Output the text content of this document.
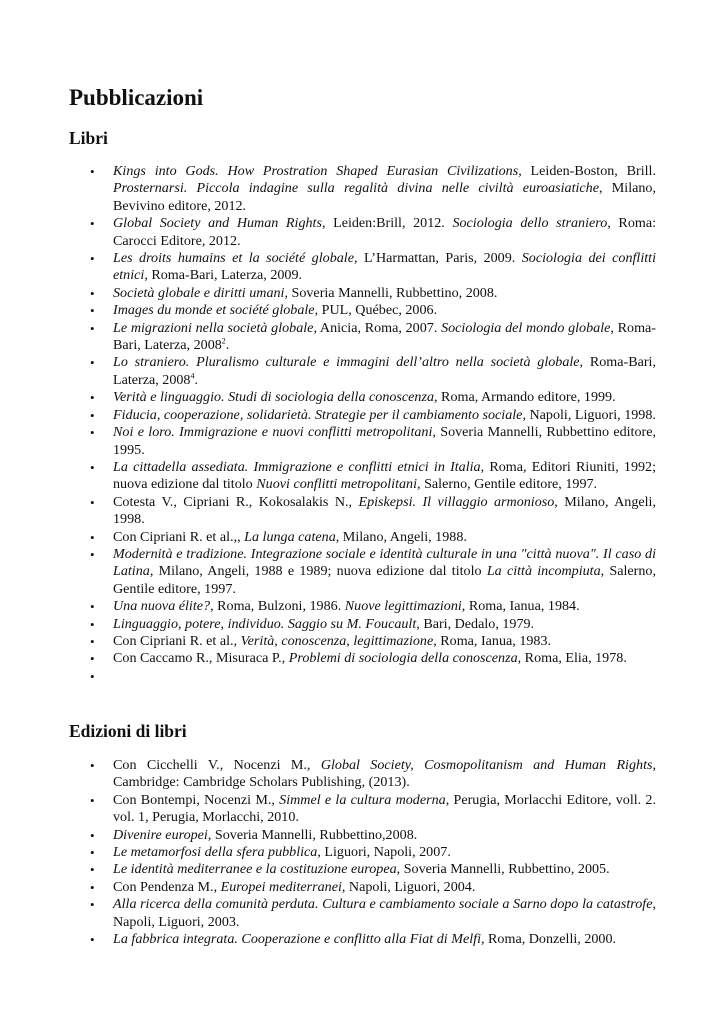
Pubblicazioni
Libri
• Kings into Gods. How Prostration Shaped Eurasian Civilizations, Leiden-Boston, Brill. Prosternarsi. Piccola indagine sulla regalità divina nelle civiltà euroasiatiche, Milano, Bevivino editore, 2012.
• Global Society and Human Rights, Leiden:Brill, 2012. Sociologia dello straniero, Roma: Carocci Editore, 2012.
• Les droits humains et la société globale, L’Harmattan, Paris, 2009. Sociologia dei conflitti etnici, Roma-Bari, Laterza, 2009.
• Società globale e diritti umani, Soveria Mannelli, Rubbettino, 2008.
• Images du monde et société globale, PUL, Québec, 2006.
• Le migrazioni nella società globale, Anicia, Roma, 2007. Sociologia del mondo globale, Roma-Bari, Laterza, 2008$^2$.
• Lo straniero. Pluralismo culturale e immagini dell’altro nella società globale, Roma-Bari, Laterza, 2008$^4$.
• Verità e linguaggio. Studi di sociologia della conoscenza, Roma, Armando editore, 1999.
• Fiducia, cooperazione, solidarietà. Strategie per il cambiamento sociale, Napoli, Liguori, 1998.
• Noi e loro. Immigrazione e nuovi conflitti metropolitani, Soveria Mannelli, Rubbettino editore, 1995.
• La cittadella assediata. Immigrazione e conflitti etnici in Italia, Roma, Editori Riuniti, 1992; nuova edizione dal titolo Nuovi conflitti metropolitani, Salerno, Gentile editore, 1997.
• Cotesta V., Cipriani R., Kokosalakis N., Episkepsi. Il villaggio armonioso, Milano, Angeli, 1998.
• Con Cipriani R. et al.,, La lunga catena, Milano, Angeli, 1988.
• Modernità e tradizione. Integrazione sociale e identità culturale in una "città nuova". Il caso di Latina, Milano, Angeli, 1988 e 1989; nuova edizione dal titolo La città incompiuta, Salerno, Gentile editore, 1997.
• Una nuova élite?, Roma, Bulzoni, 1986. Nuove legittimazioni, Roma, Ianua, 1984.
• Linguaggio, potere, individuo. Saggio su M. Foucault, Bari, Dedalo, 1979.
• Con Cipriani R. et al., Verità, conoscenza, legittimazione, Roma, Ianua, 1983.
• Con Caccamo R., Misuraca P., Problemi di sociologia della conoscenza, Roma, Elia, 1978.
•
Edizioni di libri
• Con Cicchelli V., Nocenzi M., Global Society, Cosmopolitanism and Human Rights, Cambridge: Cambridge Scholars Publishing, (2013).
• Con Bontempi, Nocenzi M., Simmel e la cultura moderna, Perugia, Morlacchi Editore, voll. 2. vol. 1, Perugia, Morlacchi, 2010.
• Divenire europei, Soveria Mannelli, Rubbettino,2008.
• Le metamorfosi della sfera pubblica, Liguori, Napoli, 2007.
• Le identità mediterranee e la costituzione europea, Soveria Mannelli, Rubbettino, 2005.
• Con Pendenza M., Europei mediterranei, Napoli, Liguori, 2004.
• Alla ricerca della comunità perduta. Cultura e cambiamento sociale a Sarno dopo la catastrofe, Napoli, Liguori, 2003.
• La fabbrica integrata. Cooperazione e conflitto alla Fiat di Melfi, Roma, Donzelli, 2000.
